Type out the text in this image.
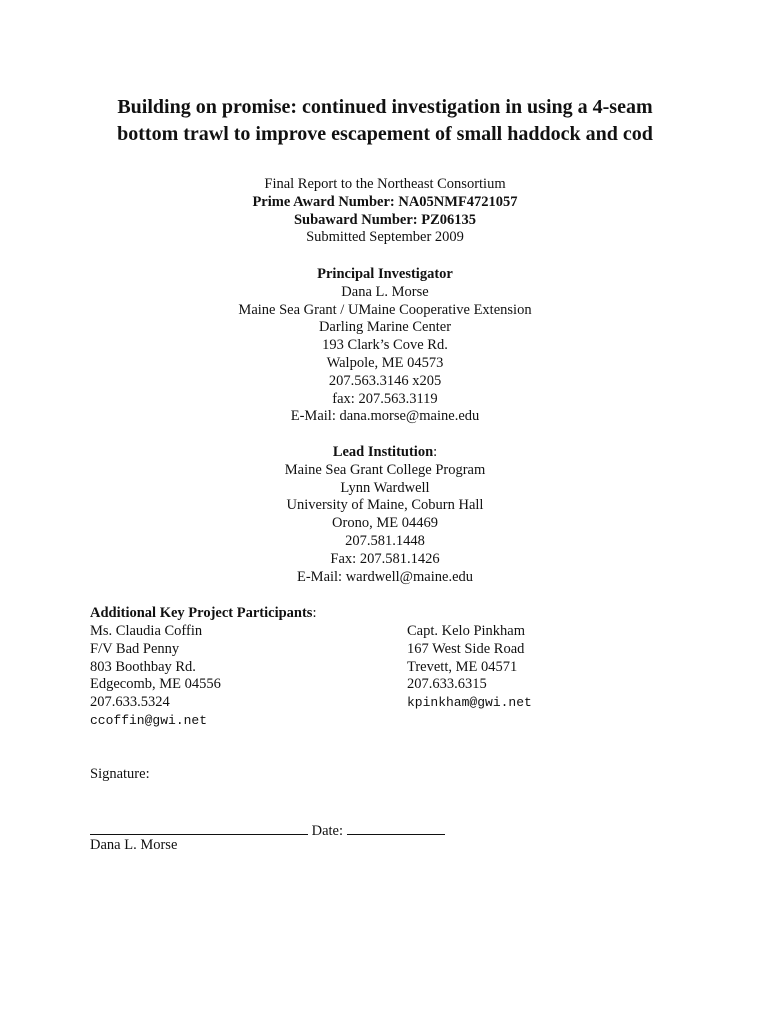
Building on promise: continued investigation in using a 4-seam
bottom trawl to improve escapement of small haddock and cod
Final Report to the Northeast Consortium
Prime Award Number: NA05NMF4721057
Subaward Number: PZ06135
Submitted September 2009
Principal Investigator
Dana L. Morse
Maine Sea Grant / UMaine Cooperative Extension
Darling Marine Center
193 Clark’s Cove Rd.
Walpole, ME 04573
207.563.3146 x205
fax: 207.563.3119
E-Mail: dana.morse@maine.edu
Lead Institution:
Maine Sea Grant College Program
Lynn Wardwell
University of Maine, Coburn Hall
Orono, ME 04469
207.581.1448
Fax: 207.581.1426
E-Mail: wardwell@maine.edu
Additional Key Project Participants:
Ms. Claudia Coffin
F/V Bad Penny
803 Boothbay Rd.
Edgecomb, ME 04556
207.633.5324
ccoffin@gwi.net
Capt. Kelo Pinkham
167 West Side Road
Trevett, ME 04571
207.633.6315
kpinkham@gwi.net
Signature:
Date:
Dana L. Morse
